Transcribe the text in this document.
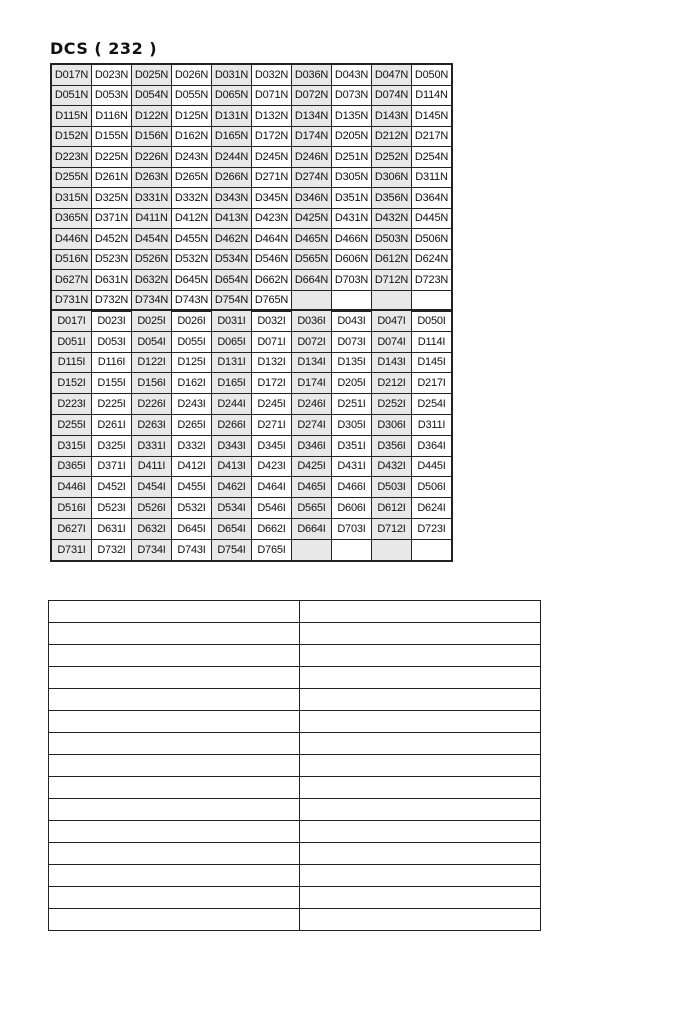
DCS ( 232 )
D017N	D023N	D025N	D026N	D031N	D032N	D036N	D043N	D047N	D050N
D051N	D053N	D054N	D055N	D065N	D071N	D072N	D073N	D074N	D114N
D115N	D116N	D122N	D125N	D131N	D132N	D134N	D135N	D143N	D145N
D152N	D155N	D156N	D162N	D165N	D172N	D174N	D205N	D212N	D217N
D223N	D225N	D226N	D243N	D244N	D245N	D246N	D251N	D252N	D254N
D255N	D261N	D263N	D265N	D266N	D271N	D274N	D305N	D306N	D311N
D315N	D325N	D331N	D332N	D343N	D345N	D346N	D351N	D356N	D364N
D365N	D371N	D411N	D412N	D413N	D423N	D425N	D431N	D432N	D445N
D446N	D452N	D454N	D455N	D462N	D464N	D465N	D466N	D503N	D506N
D516N	D523N	D526N	D532N	D534N	D546N	D565N	D606N	D612N	D624N
D627N	D631N	D632N	D645N	D654N	D662N	D664N	D703N	D712N	D723N
D731N	D732N	D734N	D743N	D754N	D765N				
D017I	D023I	D025I	D026I	D031I	D032I	D036I	D043I	D047I	D050I
D051I	D053I	D054I	D055I	D065I	D071I	D072I	D073I	D074I	D114I
D115I	D116I	D122I	D125I	D131I	D132I	D134I	D135I	D143I	D145I
D152I	D155I	D156I	D162I	D165I	D172I	D174I	D205I	D212I	D217I
D223I	D225I	D226I	D243I	D244I	D245I	D246I	D251I	D252I	D254I
D255I	D261I	D263I	D265I	D266I	D271I	D274I	D305I	D306I	D311I
D315I	D325I	D331I	D332I	D343I	D345I	D346I	D351I	D356I	D364I
D365I	D371I	D411I	D412I	D413I	D423I	D425I	D431I	D432I	D445I
D446I	D452I	D454I	D455I	D462I	D464I	D465I	D466I	D503I	D506I
D516I	D523I	D526I	D532I	D534I	D546I	D565I	D606I	D612I	D624I
D627I	D631I	D632I	D645I	D654I	D662I	D664I	D703I	D712I	D723I
D731I	D732I	D734I	D743I	D754I	D765I				
